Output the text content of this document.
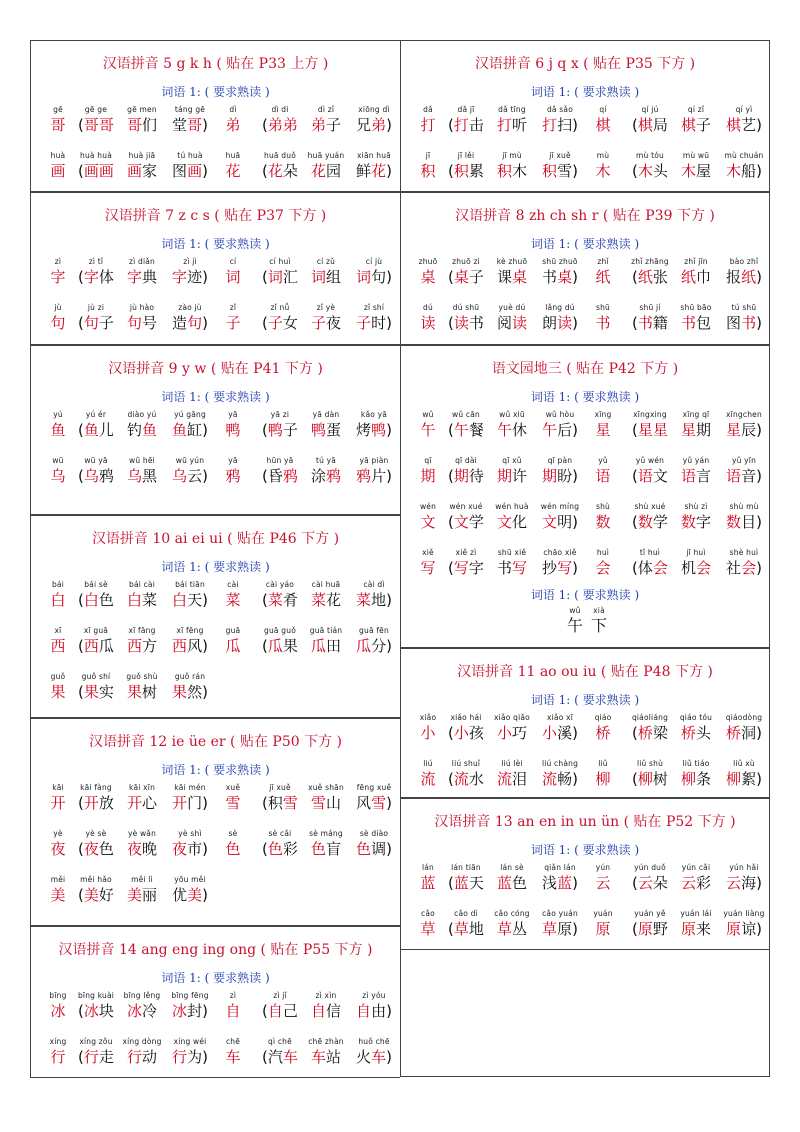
汉语拼音 5 g k h ( 贴在 P33 上方 )
词语 1: ( 要求熟读 )
gē
哥
gē ge
(哥哥
gē men
哥们
táng gē
堂哥)
dì
弟
dì di
(弟弟
dì zǐ
弟子
xiōng dì
兄弟)
huà
画
huà huà
(画画
huà jiā
画家
tú huà
图画)
huā
花
huā duǒ
(花朵
huā yuán
花园
xiān huā
鲜花)
汉语拼音 7 z c s ( 贴在 P37 下方 )
词语 1: ( 要求熟读 )
zì
字
zì tǐ
(字体
zì diǎn
字典
zì jì
字迹)
cí
词
cí huì
(词汇
cí zǔ
词组
cí jù
词句)
jù
句
jù zi
(句子
jù hào
句号
zào jù
造句)
zǐ
子
zǐ nǚ
(子女
zǐ yè
子夜
zǐ shí
子时)
汉语拼音 9 y w ( 贴在 P41 下方 )
词语 1: ( 要求熟读 )
yú
鱼
yú ér
(鱼儿
diào yú
钓鱼
yú gāng
鱼缸)
yā
鸭
yā zi
(鸭子
yā dàn
鸭蛋
kǎo yā
烤鸭)
wū
乌
wū yā
(乌鸦
wū hēi
乌黑
wū yún
乌云)
yā
鸦
hūn yā
(昏鸦
tú yā
涂鸦
yā piàn
鸦片)
汉语拼音 10 ai ei ui ( 贴在 P46 下方 )
词语 1: ( 要求熟读 )
bái
白
bái sè
(白色
bái cài
白菜
bái tiān
白天)
cài
菜
cài yáo
(菜肴
cài huā
菜花
cài dì
菜地)
xī
西
xī guā
(西瓜
xī fāng
西方
xī fēng
西风)
guā
瓜
guā guǒ
(瓜果
guā tián
瓜田
guā fēn
瓜分)
guǒ
果
guǒ shí
(果实
guǒ shù
果树
guǒ rán
果然)
汉语拼音 12 ie üe er ( 贴在 P50 下方 )
词语 1: ( 要求熟读 )
kāi
开
kāi fàng
(开放
kāi xīn
开心
kāi mén
开门)
xuě
雪
jī xuě
(积雪
xuě shān
雪山
fēng xuě
风雪)
yè
夜
yè sè
(夜色
yè wǎn
夜晚
yè shì
夜市)
sè
色
sè cǎi
(色彩
sè máng
色盲
sè diào
色调)
měi
美
měi hǎo
(美好
měi lì
美丽
yōu měi
优美)
汉语拼音 14 ang eng ing ong ( 贴在 P55 下方 )
词语 1: ( 要求熟读 )
bīng
冰
bīng kuài
(冰块
bīng lěng
冰冷
bīng fēng
冰封)
zì
自
zì jǐ
(自己
zì xìn
自信
zì yóu
自由)
xíng
行
xíng zǒu
(行走
xíng dòng
行动
xíng wéi
行为)
chē
车
qì chē
(汽车
chē zhàn
车站
huǒ chē
火车)
汉语拼音 6 j q x ( 贴在 P35 下方 )
词语 1: ( 要求熟读 )
dǎ
打
dǎ jī
(打击
dǎ tīng
打听
dǎ sǎo
打扫)
qí
棋
qí jú
(棋局
qí zǐ
棋子
qí yì
棋艺)
jī
积
jī lěi
(积累
jī mù
积木
jī xuě
积雪)
mù
木
mù tóu
(木头
mù wū
木屋
mù chuán
木船)
汉语拼音 8 zh ch sh r ( 贴在 P39 下方 )
词语 1: ( 要求熟读 )
zhuō
桌
zhuō zi
(桌子
kè zhuō
课桌
shū zhuō
书桌)
zhǐ
纸
zhǐ zhāng
(纸张
zhǐ jīn
纸巾
bào zhǐ
报纸)
dú
读
dú shū
(读书
yuè dú
阅读
lǎng dú
朗读)
shū
书
shū jí
(书籍
shū bāo
书包
tú shū
图书)
语文园地三 ( 贴在 P42 下方 )
词语 1: ( 要求熟读 )
wǔ
午
wǔ cān
(午餐
wǔ xiū
午休
wǔ hòu
午后)
xīng
星
xīngxing
(星星
xīng qī
星期
xīngchen
星辰)
qī
期
qī dài
(期待
qī xǔ
期许
qī pàn
期盼)
yǔ
语
yǔ wén
(语文
yǔ yán
语言
yǔ yīn
语音)
wén
文
wén xué
(文学
wén huà
文化
wén míng
文明)
shù
数
shù xué
(数学
shù zì
数字
shù mù
数目)
xiě
写
xiě zì
(写字
shū xiě
书写
chāo xiě
抄写)
huì
会
tǐ huì
(体会
jī huì
机会
shè huì
社会)
词语 1: ( 要求熟读 )
wǔ
午
xià
下
汉语拼音 11 ao ou iu ( 贴在 P48 下方 )
词语 1: ( 要求熟读 )
xiǎo
小
xiǎo hái
(小孩
xiǎo qiǎo
小巧
xiǎo xī
小溪)
qiáo
桥
qiáoliáng
(桥梁
qiáo tóu
桥头
qiáodòng
桥洞)
liú
流
liú shuǐ
(流水
liú lèi
流泪
liú chàng
流畅)
liǔ
柳
liǔ shù
(柳树
liǔ tiáo
柳条
liǔ xù
柳絮)
汉语拼音 13 an en in un ün ( 贴在 P52 下方 )
词语 1: ( 要求熟读 )
lán
蓝
lán tiān
(蓝天
lán sè
蓝色
qiǎn lán
浅蓝)
yún
云
yún duǒ
(云朵
yún cǎi
云彩
yún hǎi
云海)
cǎo
草
cǎo dì
(草地
cǎo cóng
草丛
cǎo yuán
草原)
yuán
原
yuán yě
(原野
yuán lái
原来
yuán liàng
原谅)
